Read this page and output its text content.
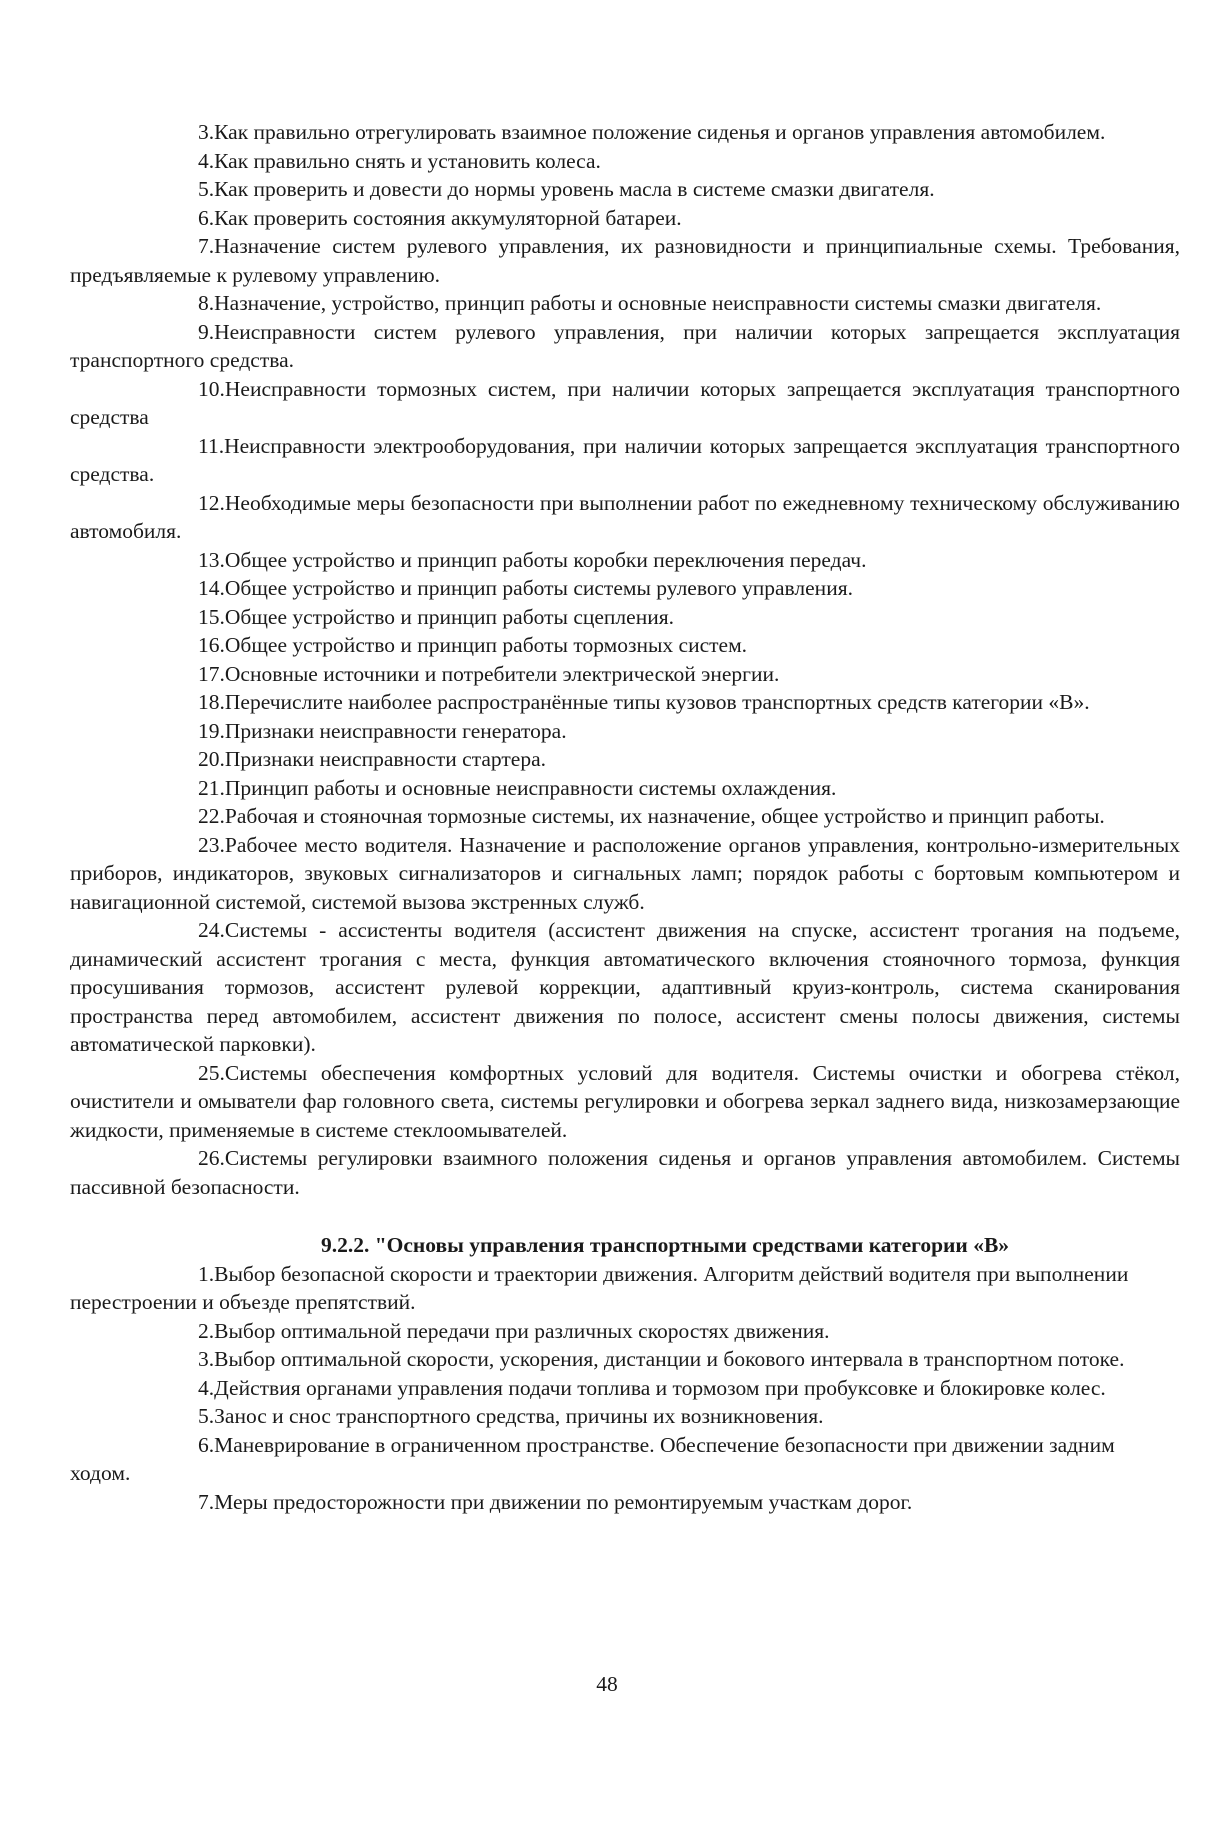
3.Как правильно отрегулировать взаимное положение сиденья и органов управления автомобилем.

4.Как правильно снять и установить колеса.

5.Как проверить и довести до нормы уровень масла в системе смазки двигателя.

6.Как проверить состояния аккумуляторной батареи.

7.Назначение систем рулевого управления, их разновидности и принципиальные схемы. Требования, предъявляемые к рулевому управлению.

8.Назначение, устройство, принцип работы и основные неисправности системы смазки двигателя.

9.Неисправности систем рулевого управления, при наличии которых запрещается эксплуатация транспортного средства.

10.Неисправности тормозных систем, при наличии которых запрещается эксплуатация транспортного средства

11.Неисправности электрооборудования, при наличии которых запрещается эксплуатация транспортного средства.

12.Необходимые меры безопасности при выполнении работ по ежедневному техническому обслуживанию автомобиля.

13.Общее устройство и принцип работы коробки переключения передач.

14.Общее устройство и принцип работы системы рулевого управления.

15.Общее устройство и принцип работы сцепления.

16.Общее устройство и принцип работы тормозных систем.

17.Основные источники и потребители электрической энергии.

18.Перечислите наиболее распространённые типы кузовов транспортных средств категории «В».

19.Признаки неисправности генератора.

20.Признаки неисправности стартера.

21.Принцип работы и основные неисправности системы охлаждения.

22.Рабочая и стояночная тормозные системы, их назначение, общее устройство и принцип работы.

23.Рабочее место водителя. Назначение и расположение органов управления, контрольно-измерительных приборов, индикаторов, звуковых сигнализаторов и сигнальных ламп; порядок работы с бортовым компьютером и навигационной системой, системой вызова экстренных служб.

24.Системы - ассистенты водителя (ассистент движения на спуске, ассистент трогания на подъеме, динамический ассистент трогания с места, функция автоматического включения стояночного тормоза, функция просушивания тормозов, ассистент рулевой коррекции, адаптивный круиз-контроль, система сканирования пространства перед автомобилем, ассистент движения по полосе, ассистент смены полосы движения, системы автоматической парковки).

25.Системы обеспечения комфортных условий для водителя. Системы очистки и обогрева стёкол, очистители и омыватели фар головного света, системы регулировки и обогрева зеркал заднего вида, низкозамерзающие жидкости, применяемые в системе стеклоомывателей.

26.Системы регулировки взаимного положения сиденья и органов управления автомобилем. Системы пассивной безопасности.

9.2.2. "Основы управления транспортными средствами категории «В»

1.Выбор безопасной скорости и траектории движения. Алгоритм действий водителя при выполнении перестроении и объезде препятствий.

2.Выбор оптимальной передачи при различных скоростях движения.

3.Выбор оптимальной скорости, ускорения, дистанции и бокового интервала в транспортном потоке.

4.Действия органами управления подачи топлива и тормозом при пробуксовке и блокировке колес.

5.Занос и снос транспортного средства, причины их возникновения.

6.Маневрирование в ограниченном пространстве. Обеспечение безопасности при движении задним ходом.

7.Меры предосторожности при движении по ремонтируемым участкам дорог.

48
